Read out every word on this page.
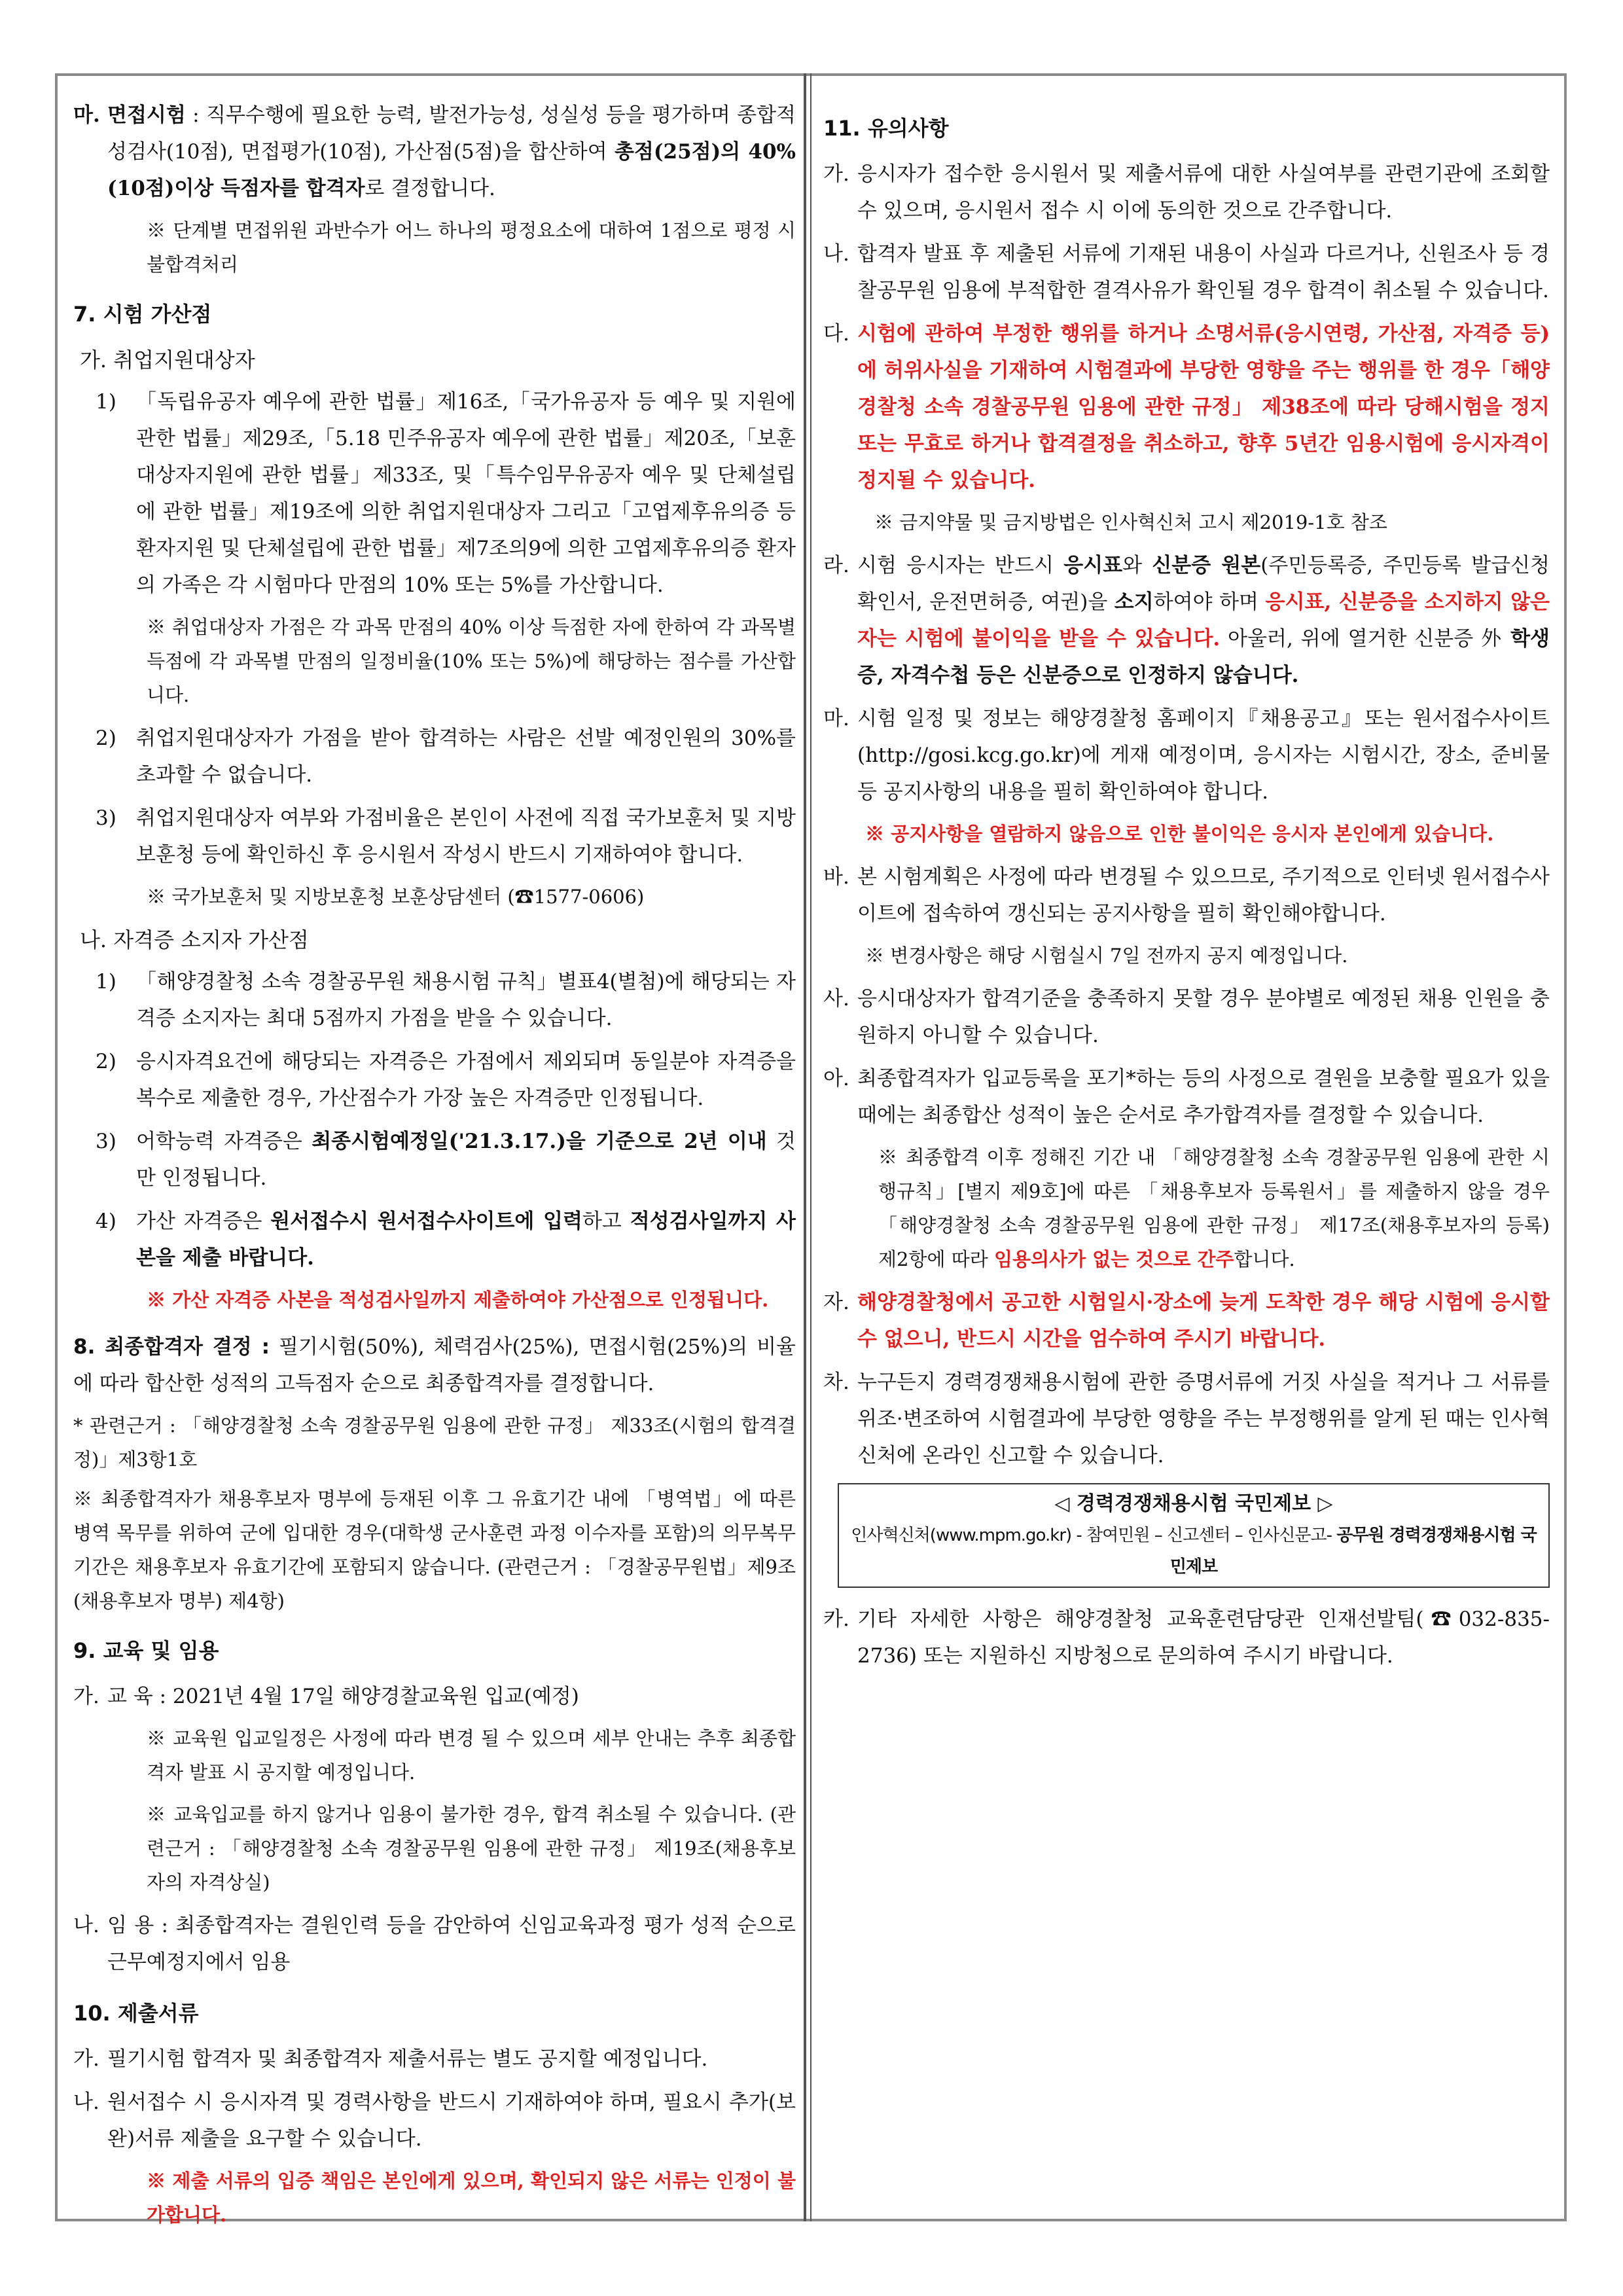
마. 면접시험 : 직무수행에 필요한 능력, 발전가능성, 성실성 등을 평가하며 종합적성검사(10점), 면접평가(10점), 가산점(5점)을 합산하여 총점(25점)의 40% (10점)이상 득점자를 합격자로 결정합니다.
※ 단계별 면접위원 과반수가 어느 하나의 평정요소에 대하여 1점으로 평정 시 불합격처리
7. 시험 가산점
가. 취업지원대상자
1) 「독립유공자 예우에 관한 법률」제16조,「국가유공자 등 예우 및 지원에 관한 법률」제29조,「5.18 민주유공자 예우에 관한 법률」제20조,「보훈대상자지원에 관한 법률」제33조, 및「특수임무유공자 예우 및 단체설립에 관한 법률」제19조에 의한 취업지원대상자 그리고「고엽제후유의증 등 환자지원 및 단체설립에 관한 법률」제7조의9에 의한 고엽제후유의증 환자의 가족은 각 시험마다 만점의 10% 또는 5%를 가산합니다.
※ 취업대상자 가점은 각 과목 만점의 40% 이상 득점한 자에 한하여 각 과목별 득점에 각 과목별 만점의 일정비율(10% 또는 5%)에 해당하는 점수를 가산합니다.
2) 취업지원대상자가 가점을 받아 합격하는 사람은 선발 예정인원의 30%를 초과할 수 없습니다.
3) 취업지원대상자 여부와 가점비율은 본인이 사전에 직접 국가보훈처 및 지방보훈청 등에 확인하신 후 응시원서 작성시 반드시 기재하여야 합니다.
※ 국가보훈처 및 지방보훈청 보훈상담센터 (☎1577-0606)
나. 자격증 소지자 가산점
1) 「해양경찰청 소속 경찰공무원 채용시험 규칙」별표4(별첨)에 해당되는 자격증 소지자는 최대 5점까지 가점을 받을 수 있습니다.
2) 응시자격요건에 해당되는 자격증은 가점에서 제외되며 동일분야 자격증을 복수로 제출한 경우, 가산점수가 가장 높은 자격증만 인정됩니다.
3) 어학능력 자격증은 최종시험예정일('21.3.17.)을 기준으로 2년 이내 것만 인정됩니다.
4) 가산 자격증은 원서접수시 원서접수사이트에 입력하고 적성검사일까지 사본을 제출 바랍니다.
※ 가산 자격증 사본을 적성검사일까지 제출하여야 가산점으로 인정됩니다.
8. 최종합격자 결정 : 필기시험(50%), 체력검사(25%), 면접시험(25%)의 비율에 따라 합산한 성적의 고득점자 순으로 최종합격자를 결정합니다.
* 관련근거 : 「해양경찰청 소속 경찰공무원 임용에 관한 규정」 제33조(시험의 합격결정)」제3항1호
※ 최종합격자가 채용후보자 명부에 등재된 이후 그 유효기간 내에 「병역법」에 따른 병역 목무를 위하여 군에 입대한 경우(대학생 군사훈련 과정 이수자를 포함)의 의무복무기간은 채용후보자 유효기간에 포함되지 않습니다. (관련근거 : 「경찰공무원법」제9조(채용후보자 명부) 제4항)
9. 교육 및 임용
가. 교 육 : 2021년 4월 17일 해양경찰교육원 입교(예정)
※ 교육원 입교일정은 사정에 따라 변경 될 수 있으며 세부 안내는 추후 최종합격자 발표 시 공지할 예정입니다.
※ 교육입교를 하지 않거나 임용이 불가한 경우, 합격 취소될 수 있습니다. (관련근거 : 「해양경찰청 소속 경찰공무원 임용에 관한 규정」 제19조(채용후보자의 자격상실)
나. 임 용 : 최종합격자는 결원인력 등을 감안하여 신임교육과정 평가 성적 순으로 근무예정지에서 임용
10. 제출서류
가. 필기시험 합격자 및 최종합격자 제출서류는 별도 공지할 예정입니다.
나. 원서접수 시 응시자격 및 경력사항을 반드시 기재하여야 하며, 필요시 추가(보완)서류 제출을 요구할 수 있습니다.
※ 제출 서류의 입증 책임은 본인에게 있으며, 확인되지 않은 서류는 인정이 불가합니다.
11. 유의사항
가. 응시자가 접수한 응시원서 및 제출서류에 대한 사실여부를 관련기관에 조회할 수 있으며, 응시원서 접수 시 이에 동의한 것으로 간주합니다.
나. 합격자 발표 후 제출된 서류에 기재된 내용이 사실과 다르거나, 신원조사 등 경찰공무원 임용에 부적합한 결격사유가 확인될 경우 합격이 취소될 수 있습니다.
다. 시험에 관하여 부정한 행위를 하거나 소명서류(응시연령, 가산점, 자격증 등)에 허위사실을 기재하여 시험결과에 부당한 영향을 주는 행위를 한 경우「해양경찰청 소속 경찰공무원 임용에 관한 규정」 제38조에 따라 당해시험을 정지 또는 무효로 하거나 합격결정을 취소하고, 향후 5년간 임용시험에 응시자격이 정지될 수 있습니다.
※ 금지약물 및 금지방법은 인사혁신처 고시 제2019-1호 참조
라. 시험 응시자는 반드시 응시표와 신분증 원본(주민등록증, 주민등록 발급신청 확인서, 운전면허증, 여권)을 소지하여야 하며 응시표, 신분증을 소지하지 않은 자는 시험에 불이익을 받을 수 있습니다. 아울러, 위에 열거한 신분증 外 학생증, 자격수첩 등은 신분증으로 인정하지 않습니다.
마. 시험 일정 및 정보는 해양경찰청 홈페이지『채용공고』또는 원서접수사이트(http://gosi.kcg.go.kr)에 게재 예정이며, 응시자는 시험시간, 장소, 준비물 등 공지사항의 내용을 필히 확인하여야 합니다.
※ 공지사항을 열람하지 않음으로 인한 불이익은 응시자 본인에게 있습니다.
바. 본 시험계획은 사정에 따라 변경될 수 있으므로, 주기적으로 인터넷 원서접수사이트에 접속하여 갱신되는 공지사항을 필히 확인해야합니다.
※ 변경사항은 해당 시험실시 7일 전까지 공지 예정입니다.
사. 응시대상자가 합격기준을 충족하지 못할 경우 분야별로 예정된 채용 인원을 충원하지 아니할 수 있습니다.
아. 최종합격자가 입교등록을 포기*하는 등의 사정으로 결원을 보충할 필요가 있을 때에는 최종합산 성적이 높은 순서로 추가합격자를 결정할 수 있습니다.
※ 최종합격 이후 정해진 기간 내 「해양경찰청 소속 경찰공무원 임용에 관한 시행규칙」[별지 제9호]에 따른 「채용후보자 등록원서」를 제출하지 않을 경우「해양경찰청 소속 경찰공무원 임용에 관한 규정」 제17조(채용후보자의 등록) 제2항에 따라 임용의사가 없는 것으로 간주합니다.
자. 해양경찰청에서 공고한 시험일시·장소에 늦게 도착한 경우 해당 시험에 응시할 수 없으니, 반드시 시간을 엄수하여 주시기 바랍니다.
차. 누구든지 경력경쟁채용시험에 관한 증명서류에 거짓 사실을 적거나 그 서류를 위조·변조하여 시험결과에 부당한 영향을 주는 부정행위를 알게 된 때는 인사혁신처에 온라인 신고할 수 있습니다.
◁ 경력경쟁채용시험 국민제보 ▷
인사혁신처(www.mpm.go.kr) - 참여민원 – 신고센터 – 인사신문고- 공무원 경력경쟁채용시험 국민제보
카. 기타 자세한 사항은 해양경찰청 교육훈련담당관 인재선발팀(☎032-835-2736) 또는 지원하신 지방청으로 문의하여 주시기 바랍니다.
